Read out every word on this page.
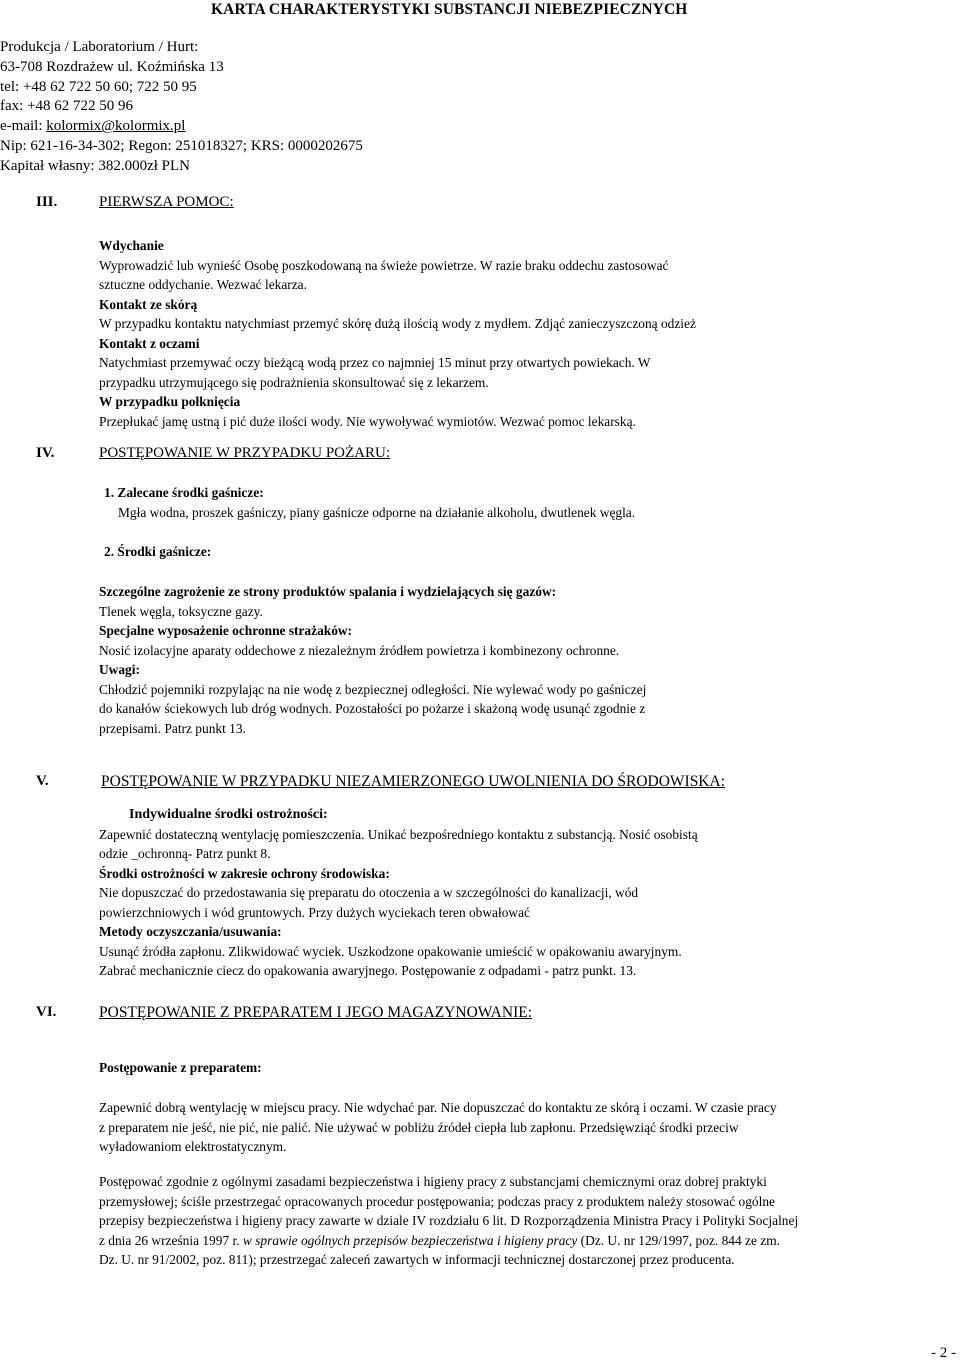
KARTA CHARAKTERYSTYKI SUBSTANCJI NIEBEZPIECZNYCH
Produkcja / Laboratorium / Hurt:
63-708 Rozdrażew ul. Koźmińska 13
tel: +48 62 722 50 60; 722 50 95
fax: +48 62 722 50 96
e-mail: kolormix@kolormix.pl
Nip: 621-16-34-302; Regon: 251018327; KRS: 0000202675
Kapitał własny: 382.000zł PLN
III.	PIERWSZA POMOC:

Wdychanie

Wyprowadzić lub wynieść Osobę poszkodowaną na świeże powietrze. W razie braku oddechu zastosować

sztuczne oddychanie. Wezwać lekarza.

Kontakt ze skórą

W przypadku kontaktu natychmiast przemyć skórę dużą ilością wody z mydłem. Zdjąć zanieczyszczoną odzież

Kontakt z oczami

Natychmiast przemywać oczy bieżącą wodą przez co najmniej 15 minut przy otwartych powiekach. W

przypadku utrzymującego się podrażnienia skonsultować się z lekarzem.

W przypadku połknięcia

Przepłukać jamę ustną i pić duże ilości wody. Nie wywoływać wymiotów. Wezwać pomoc lekarską.

IV.	POSTĘPOWANIE W PRZYPADKU POŻARU:

1. Zalecane środki gaśnicze:

Mgła wodna, proszek gaśniczy, piany gaśnicze odporne na działanie alkoholu, dwutlenek węgla.

2. Środki gaśnicze:

Szczególne zagrożenie ze strony produktów spalania i wydzielających się gazów:

Tlenek węgla, toksyczne gazy.

Specjalne wyposażenie ochronne strażaków:

Nosić izolacyjne aparaty oddechowe z niezależnym źródłem powietrza i kombinezony ochronne.

Uwagi:

Chłodzić pojemniki rozpylając na nie wodę z bezpiecznej odległości. Nie wylewać wody po gaśniczej

do kanałów ściekowych lub dróg wodnych. Pozostałości po pożarze i skażoną wodę usunąć zgodnie z

przepisami. Patrz punkt 13.

V.	POSTĘPOWANIE W PRZYPADKU NIEZAMIERZONEGO UWOLNIENIA DO ŚRODOWISKA:

Indywidualne środki ostrożności:

Zapewnić dostateczną wentylację pomieszczenia. Unikać bezpośredniego kontaktu z substancją. Nosić osobistą

odzie _ochronną- Patrz punkt 8.

Środki ostrożności w zakresie ochrony środowiska:

Nie dopuszczać do przedostawania się preparatu do otoczenia a w szczególności do kanalizacji, wód

powierzchniowych i wód gruntowych. Przy dużych wyciekach teren obwałować

Metody oczyszczania/usuwania:

Usunąć źródła zapłonu. Zlikwidować wyciek. Uszkodzone opakowanie umieścić w opakowaniu awaryjnym.

Zabrać mechanicznie ciecz do opakowania awaryjnego. Postępowanie z odpadami - patrz punkt. 13.

VI.	POSTĘPOWANIE Z PREPARATEM I JEGO MAGAZYNOWANIE:

Postępowanie z preparatem:

Zapewnić dobrą wentylację w miejscu pracy. Nie wdychać par. Nie dopuszczać do kontaktu ze skórą i oczami. W czasie pracy

z preparatem nie jeść, nie pić, nie palić. Nie używać w pobliżu źródeł ciepła lub zapłonu. Przedsięwziąć środki przeciw

wyładowaniom elektrostatycznym.

Postępować zgodnie z ogólnymi zasadami bezpieczeństwa i higieny pracy z substancjami chemicznymi oraz dobrej praktyki

przemysłowej; ściśle przestrzegać opracowanych procedur postępowania; podczas pracy z produktem należy stosować ogólne

przepisy bezpieczeństwa i higieny pracy zawarte w dziale IV rozdziału 6 lit. D Rozporządzenia Ministra Pracy i Polityki Socjalnej

z dnia 26 września 1997 r. w sprawie ogólnych przepisów bezpieczeństwa i higieny pracy (Dz. U. nr 129/1997, poz. 844 ze zm.

Dz. U. nr 91/2002, poz. 811); przestrzegać zaleceń zawartych w informacji technicznej dostarczonej przez producenta.

- 2 -
